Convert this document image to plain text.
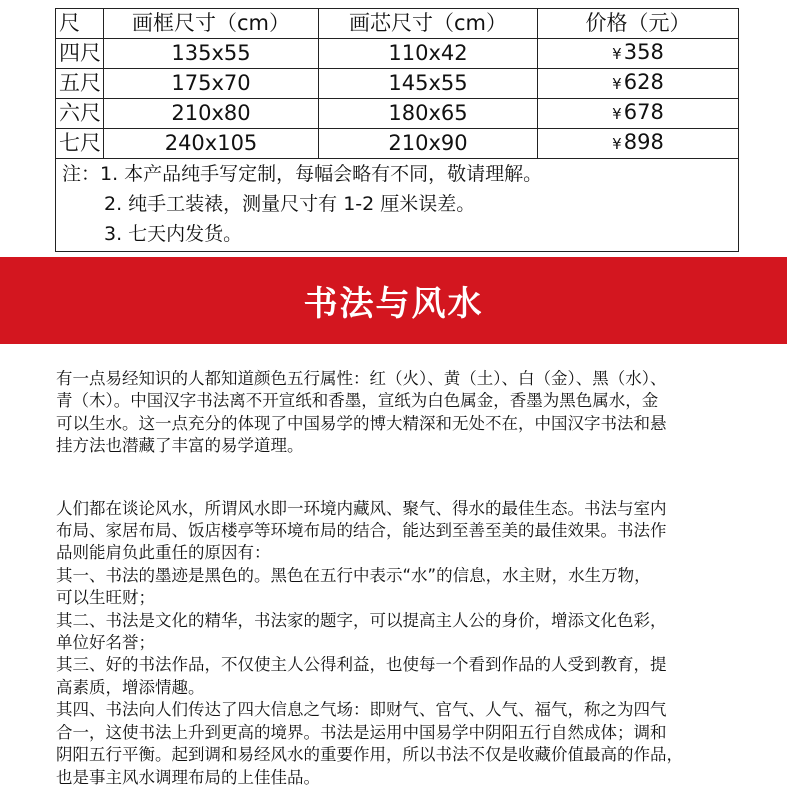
尺	画框尺寸（cm）	画芯尺寸（cm）	价格（元）
四尺	135x55	110x42	¥358
五尺	175x70	145x55	¥628
六尺	210x80	180x65	¥678
七尺	240x105	210x90	¥898

注：1. 本产品纯手写定制，每幅会略有不同，敬请理解。
2. 纯手工装裱，测量尺寸有 1-2 厘米误差。
3. 七天内发货。			
书法与风水

有一点易经知识的人都知道颜色五行属性：红（火）、黄（土）、白（金）、黑（水）、

青（木）。中国汉字书法离不开宣纸和香墨，宣纸为白色属金，香墨为黑色属水，金

可以生水。这一点充分的体现了中国易学的博大精深和无处不在，中国汉字书法和悬

挂方法也潜藏了丰富的易学道理。

人们都在谈论风水，所谓风水即一环境内藏风、聚气、得水的最佳生态。书法与室内

布局、家居布局、饭店楼亭等环境布局的结合，能达到至善至美的最佳效果。书法作

品则能肩负此重任的原因有：

其一、书法的墨迹是黑色的。黑色在五行中表示“水”的信息，水主财，水生万物，

可以生旺财；

其二、书法是文化的精华，书法家的题字，可以提高主人公的身价，增添文化色彩，

单位好名誉；

其三、好的书法作品，不仅使主人公得利益，也使每一个看到作品的人受到教育，提

高素质，增添情趣。

其四、书法向人们传达了四大信息之气场：即财气、官气、人气、福气，称之为四气

合一，这使书法上升到更高的境界。书法是运用中国易学中阴阳五行自然成体；调和

阴阳五行平衡。起到调和易经风水的重要作用，所以书法不仅是收藏价值最高的作品，

也是事主风水调理布局的上佳佳品。
